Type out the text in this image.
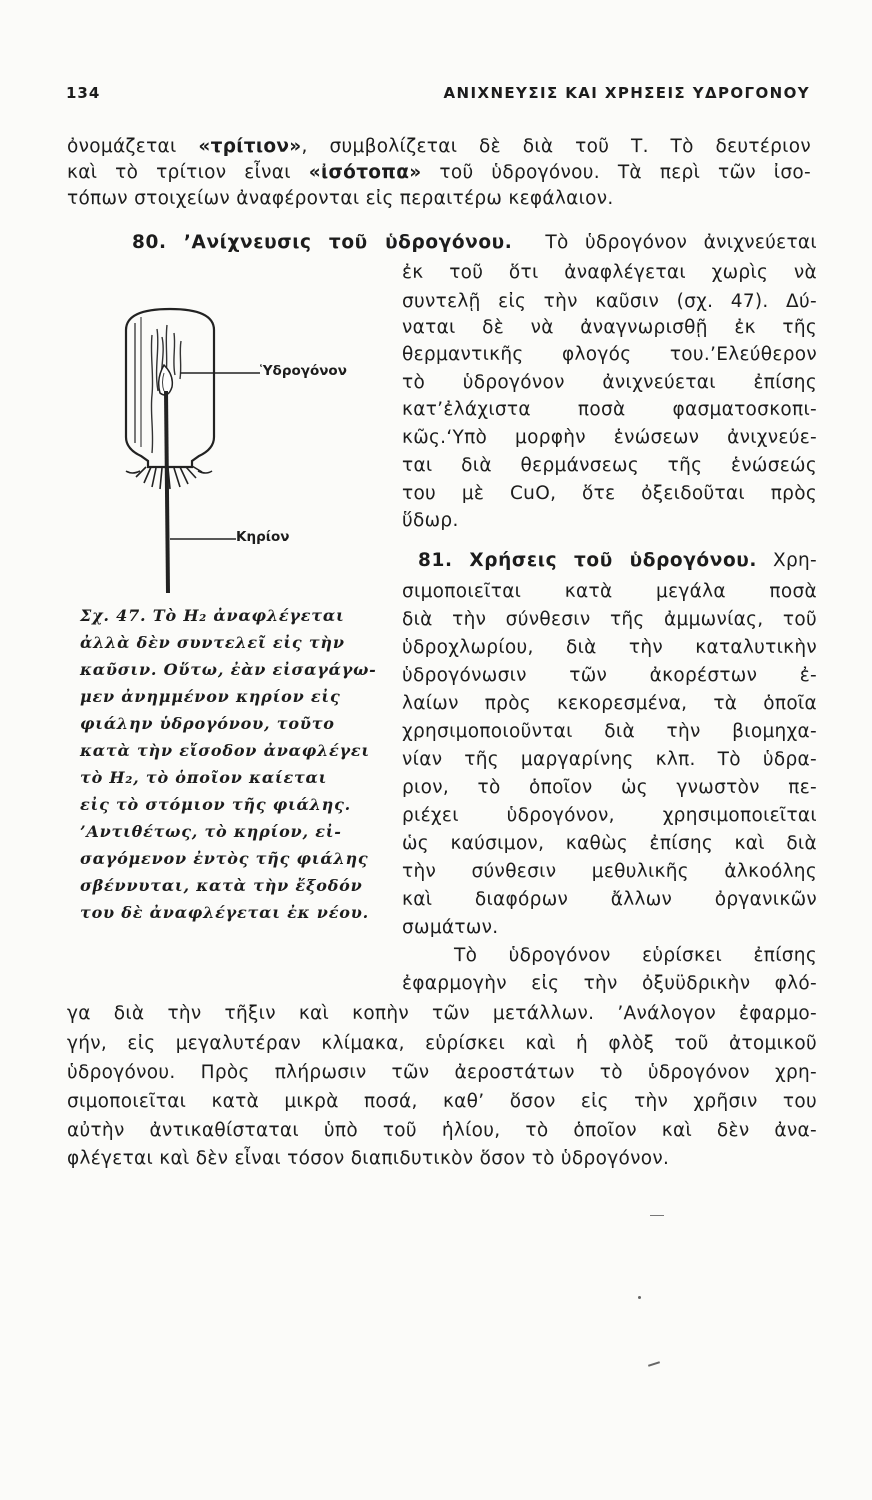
134	ΑΝΙΧΝΕΥΣΙΣ ΚΑΙ ΧΡΗΣΕΙΣ ΥΔΡΟΓΟΝΟΥ
ὀνομάζεται «τρίτιον», συμβολίζεται δὲ διὰ τοῦ Τ. Τὸ δευτέριον
καὶ τὸ τρίτιον εἶναι «ἰσότοπα» τοῦ ὑδρογόνου. Τὰ περὶ τῶν ἰσο-
τόπων στοιχείων ἀναφέρονται εἰς περαιτέρω κεφάλαιον.
80. ’Ανίχνευσις τοῦ ὑδρογόνου. Τὸ ὑδρογόνον ἀνιχνεύεται
ἐκ τοῦ ὅτι ἀναφλέγεται χωρὶς νὰ
συντελῇ εἰς τὴν καῦσιν (σχ. 47). Δύ-
ναται δὲ νὰ ἀναγνωρισθῇ ἐκ τῆς
θερμαντικῆς φλογός του.’Ελεύθερον
τὸ ὑδρογόνον ἀνιχνεύεται ἐπίσης
κατ’ἐλάχιστα ποσὰ φασματοσκοπι-
κῶς.‘Υπὸ μορφὴν ἑνώσεων ἀνιχνεύε-
ται διὰ θερμάνσεως τῆς ἑνώσεώς
του μὲ CuO, ὅτε ὀξειδοῦται πρὸς
ὕδωρ.
Ὑδρογόνον
Κηρίον
Σχ. 47. Τὸ H₂ ἀναφλέγεται
ἀλλὰ δὲν συντελεῖ εἰς τὴν
καῦσιν. Οὕτω, ἐὰν εἰσαγάγω-
μεν ἀνημμένον κηρίον εἰς
φιάλην ὑδρογόνου, τοῦτο
κατὰ τὴν εἴσοδον ἀναφλέγει
τὸ H₂, τὸ ὁποῖον καίεται
εἰς τὸ στόμιον τῆς φιάλης.
’Αντιθέτως, τὸ κηρίον, εἰ-
σαγόμενον ἐντὸς τῆς φιάλης
σβέννυται, κατὰ τὴν ἔξοδόν
του δὲ ἀναφλέγεται ἐκ νέου.
81. Χρήσεις τοῦ ὑδρογόνου. Χρη-
σιμοποιεῖται κατὰ μεγάλα ποσὰ
διὰ τὴν σύνθεσιν τῆς ἀμμωνίας, τοῦ
ὑδροχλωρίου, διὰ τὴν καταλυτικὴν
ὑδρογόνωσιν τῶν ἀκορέστων ἐ-
λαίων πρὸς κεκορεσμένα, τὰ ὁποῖα
χρησιμοποιοῦνται διὰ τὴν βιομηχα-
νίαν τῆς μαργαρίνης κλπ. Τὸ ὑδρα-
ριον, τὸ ὁποῖον ὡς γνωστὸν πε-
ριέχει ὑδρογόνον, χρησιμοποιεῖται
ὡς καύσιμον, καθὼς ἐπίσης καὶ διὰ
τὴν σύνθεσιν μεθυλικῆς ἀλκοόλης
καὶ διαφόρων ἄλλων ὀργανικῶν
σωμάτων.
Τὸ ὑδρογόνον εὑρίσκει ἐπίσης
ἐφαρμογὴν εἰς τὴν ὀξυϋδρικὴν φλό-
γα διὰ τὴν τῆξιν καὶ κοπὴν τῶν μετάλλων. ’Ανάλογον ἐφαρμο-
γήν, εἰς μεγαλυτέραν κλίμακα, εὑρίσκει καὶ ἡ φλὸξ τοῦ ἀτομικοῦ
ὑδρογόνου. Πρὸς πλήρωσιν τῶν ἀεροστάτων τὸ ὑδρογόνον χρη-
σιμοποιεῖται κατὰ μικρὰ ποσά, καθ’ ὅσον εἰς τὴν χρῆσιν του
αὐτὴν ἀντικαθίσταται ὑπὸ τοῦ ἡλίου, τὸ ὁποῖον καὶ δὲν ἀνα-
φλέγεται καὶ δὲν εἶναι τόσον διαπιδυτικὸν ὅσον τὸ ὑδρογόνον.
